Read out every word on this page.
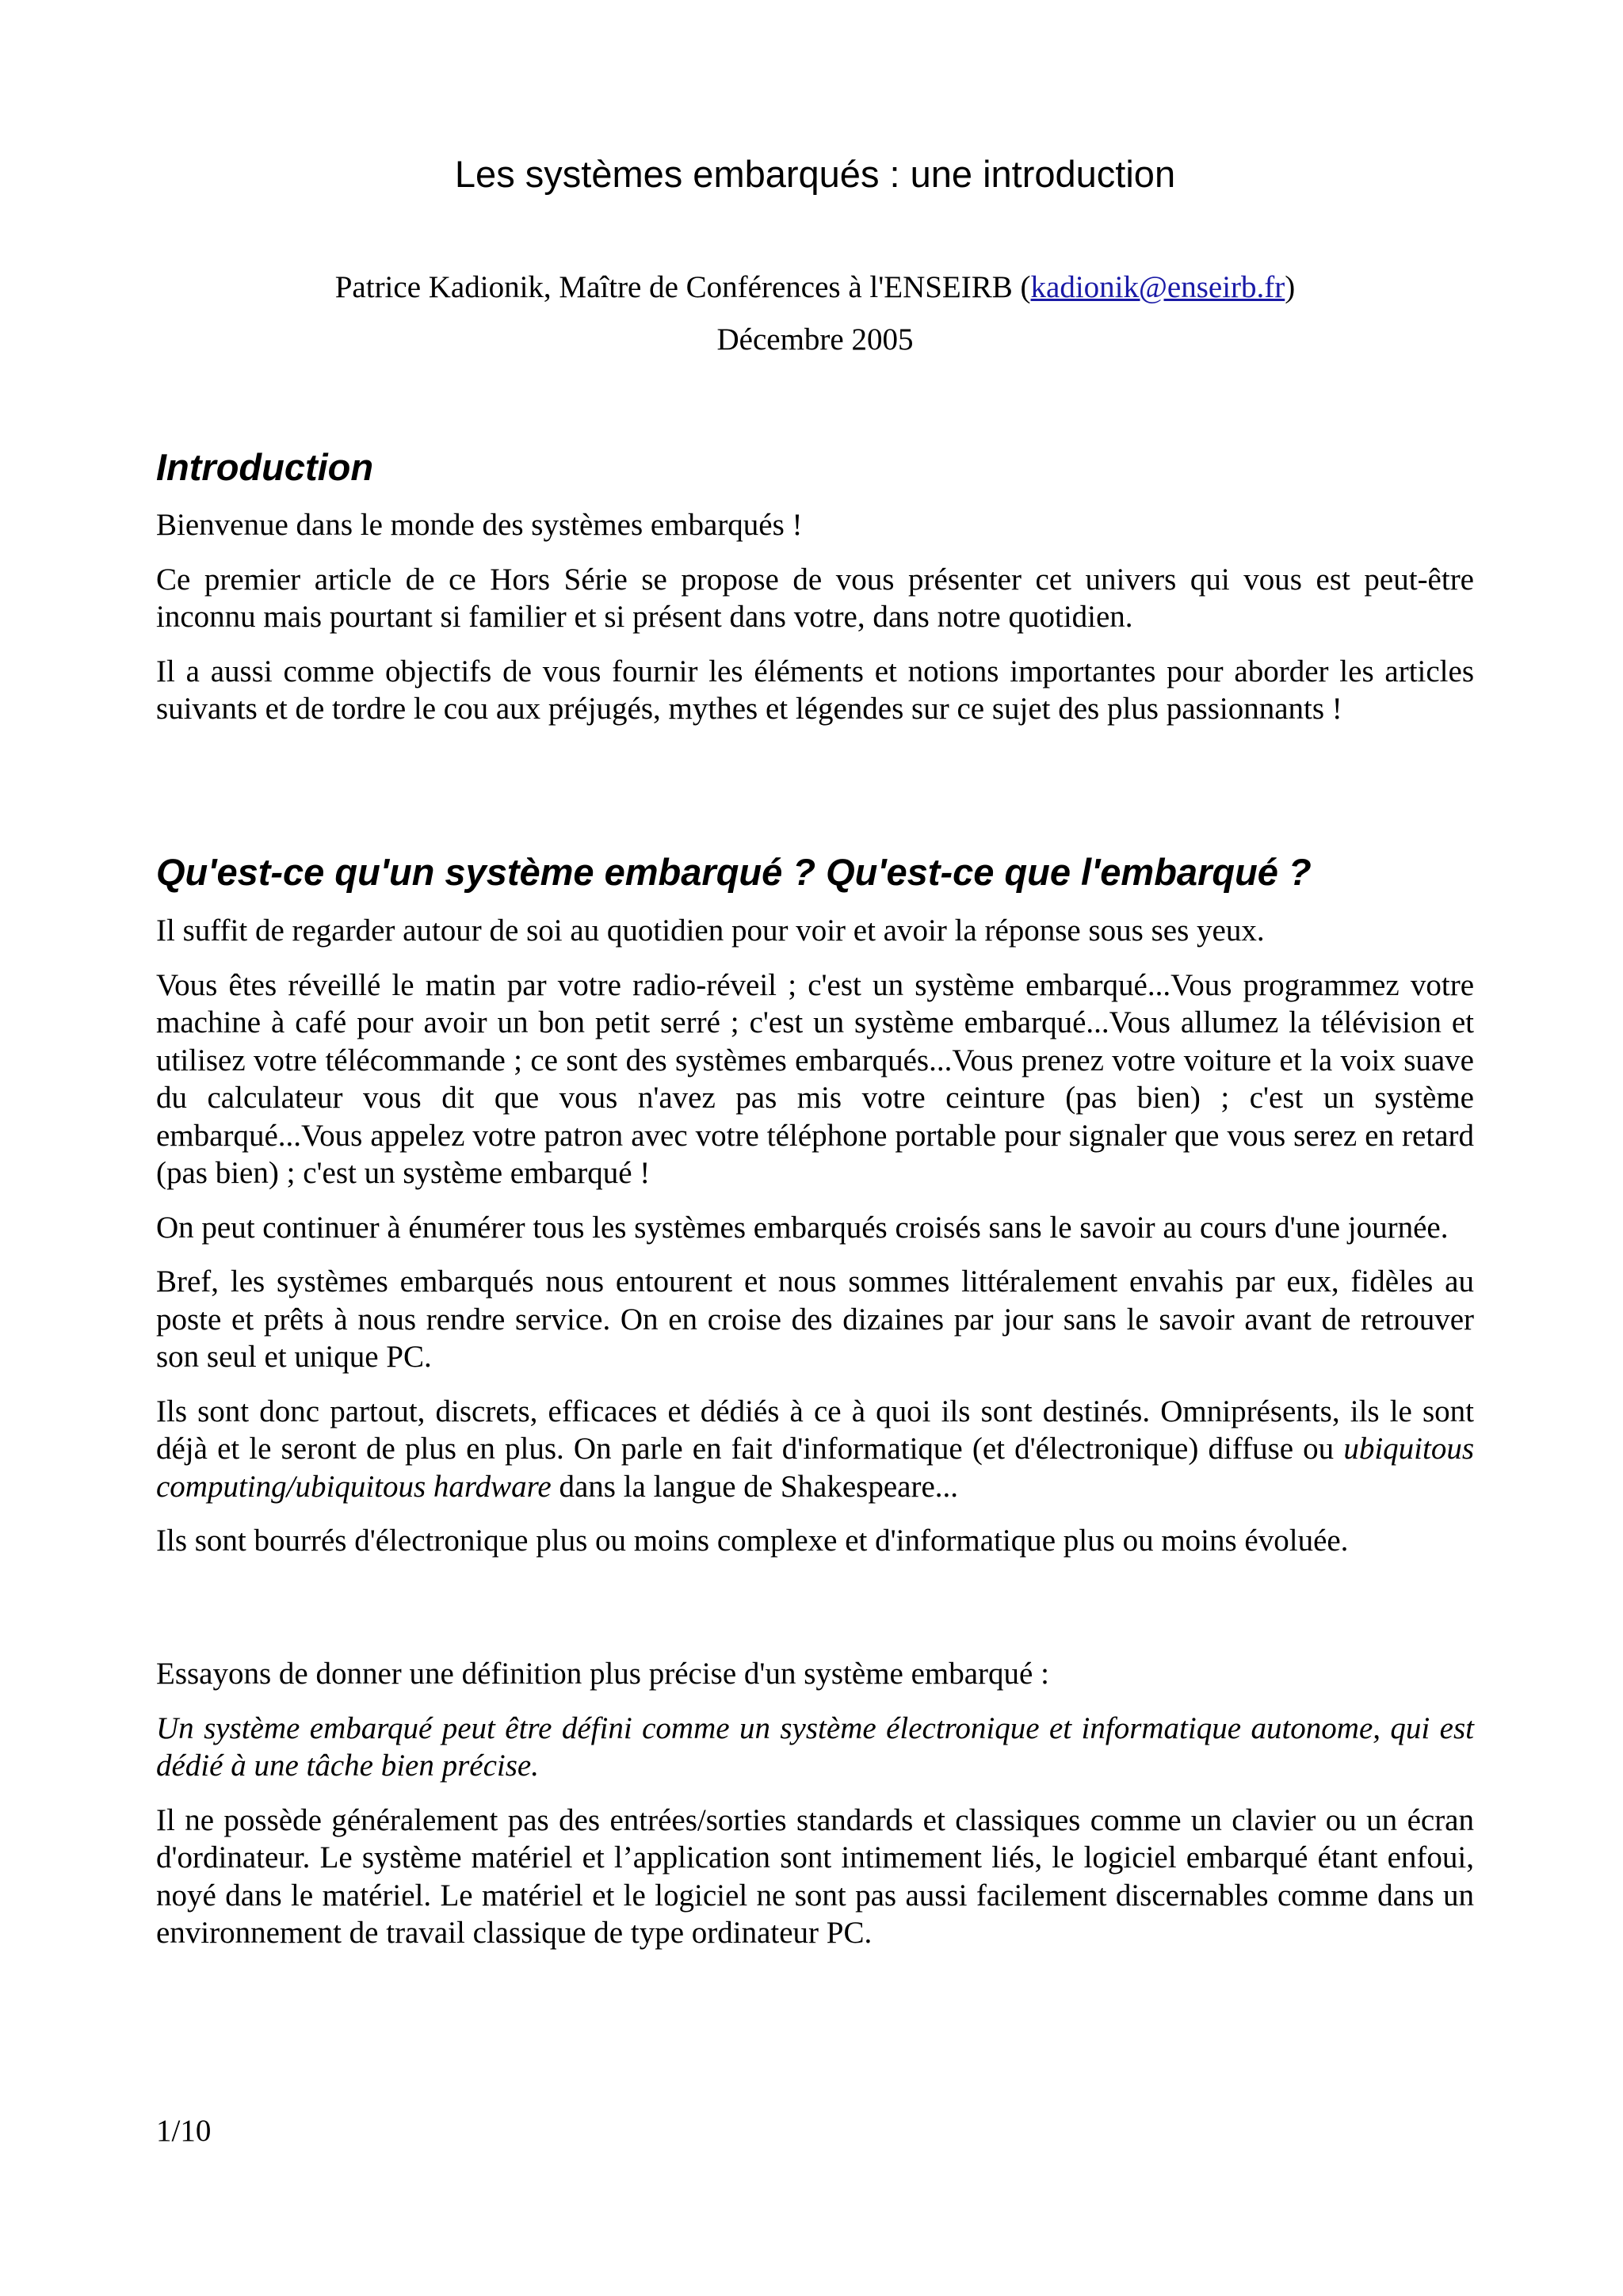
Les systèmes embarqués : une introduction

Patrice Kadionik, Maître de Conférences à l'ENSEIRB (kadionik@enseirb.fr)

Décembre 2005

Introduction

Bienvenue dans le monde des systèmes embarqués !

Ce premier article de ce Hors Série se propose de vous présenter cet univers qui vous est peut-être inconnu mais pourtant si familier et si présent dans votre, dans notre quotidien.

Il a aussi comme objectifs de vous fournir les éléments et notions importantes pour aborder les articles suivants et de tordre le cou aux préjugés, mythes et légendes sur ce sujet des plus passionnants !

Qu'est-ce qu'un système embarqué ? Qu'est-ce que l'embarqué ?

Il suffit de regarder autour de soi au quotidien pour voir et avoir la réponse sous ses yeux.

Vous êtes réveillé le matin par votre radio-réveil ; c'est un système embarqué...Vous programmez votre machine à café pour avoir un bon petit serré ; c'est un système embarqué...Vous allumez la télévision et utilisez votre télécommande ; ce sont des systèmes embarqués...Vous prenez votre voiture et la voix suave du calculateur vous dit que vous n'avez pas mis votre ceinture (pas bien) ; c'est un système embarqué...Vous appelez votre patron avec votre téléphone portable pour signaler que vous serez en retard (pas bien) ; c'est un système embarqué !

On peut continuer à énumérer tous les systèmes embarqués croisés sans le savoir au cours d'une journée.

Bref, les systèmes embarqués nous entourent et nous sommes littéralement envahis par eux, fidèles au poste et prêts à nous rendre service. On en croise des dizaines par jour sans le savoir avant de retrouver son seul et unique PC.

Ils sont donc partout, discrets, efficaces et dédiés à ce à quoi ils sont destinés. Omniprésents, ils le sont déjà et le seront de plus en plus. On parle en fait d'informatique (et d'électronique) diffuse ou ubiquitous computing/ubiquitous hardware dans la langue de Shakespeare...

Ils sont bourrés d'électronique plus ou moins complexe et d'informatique plus ou moins évoluée.

Essayons de donner une définition plus précise d'un système embarqué :

Un système embarqué peut être défini comme un système électronique et informatique autonome, qui est dédié à une tâche bien précise.

Il ne possède généralement pas des entrées/sorties standards et classiques comme un clavier ou un écran d'ordinateur. Le système matériel et l’application sont intimement liés, le logiciel embarqué étant enfoui, noyé dans le matériel. Le matériel et le logiciel ne sont pas aussi facilement discernables comme dans un environnement de travail classique de type ordinateur PC.

1/10
